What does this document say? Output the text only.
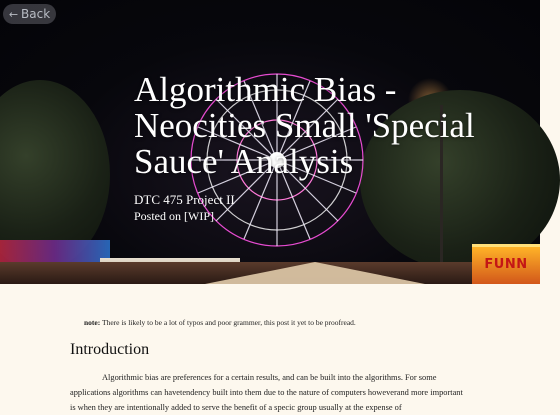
FUNN
← Back
Algorithmic Bias - Neocities Small 'Special Sauce' Analysis
DTC 475 Project II
Posted on [WIP]

note: There is likely to be a lot of typos and poor grammer, this post it yet to be proofread.

Introduction

Algorithmic bias are preferences for a certain results, and can be built into the algorithms. For some applications algorithms can havetendency built into them due to the nature of computers howeverand more important is when they are intentionally added to serve the benefit of a specic group usually at the expense of
